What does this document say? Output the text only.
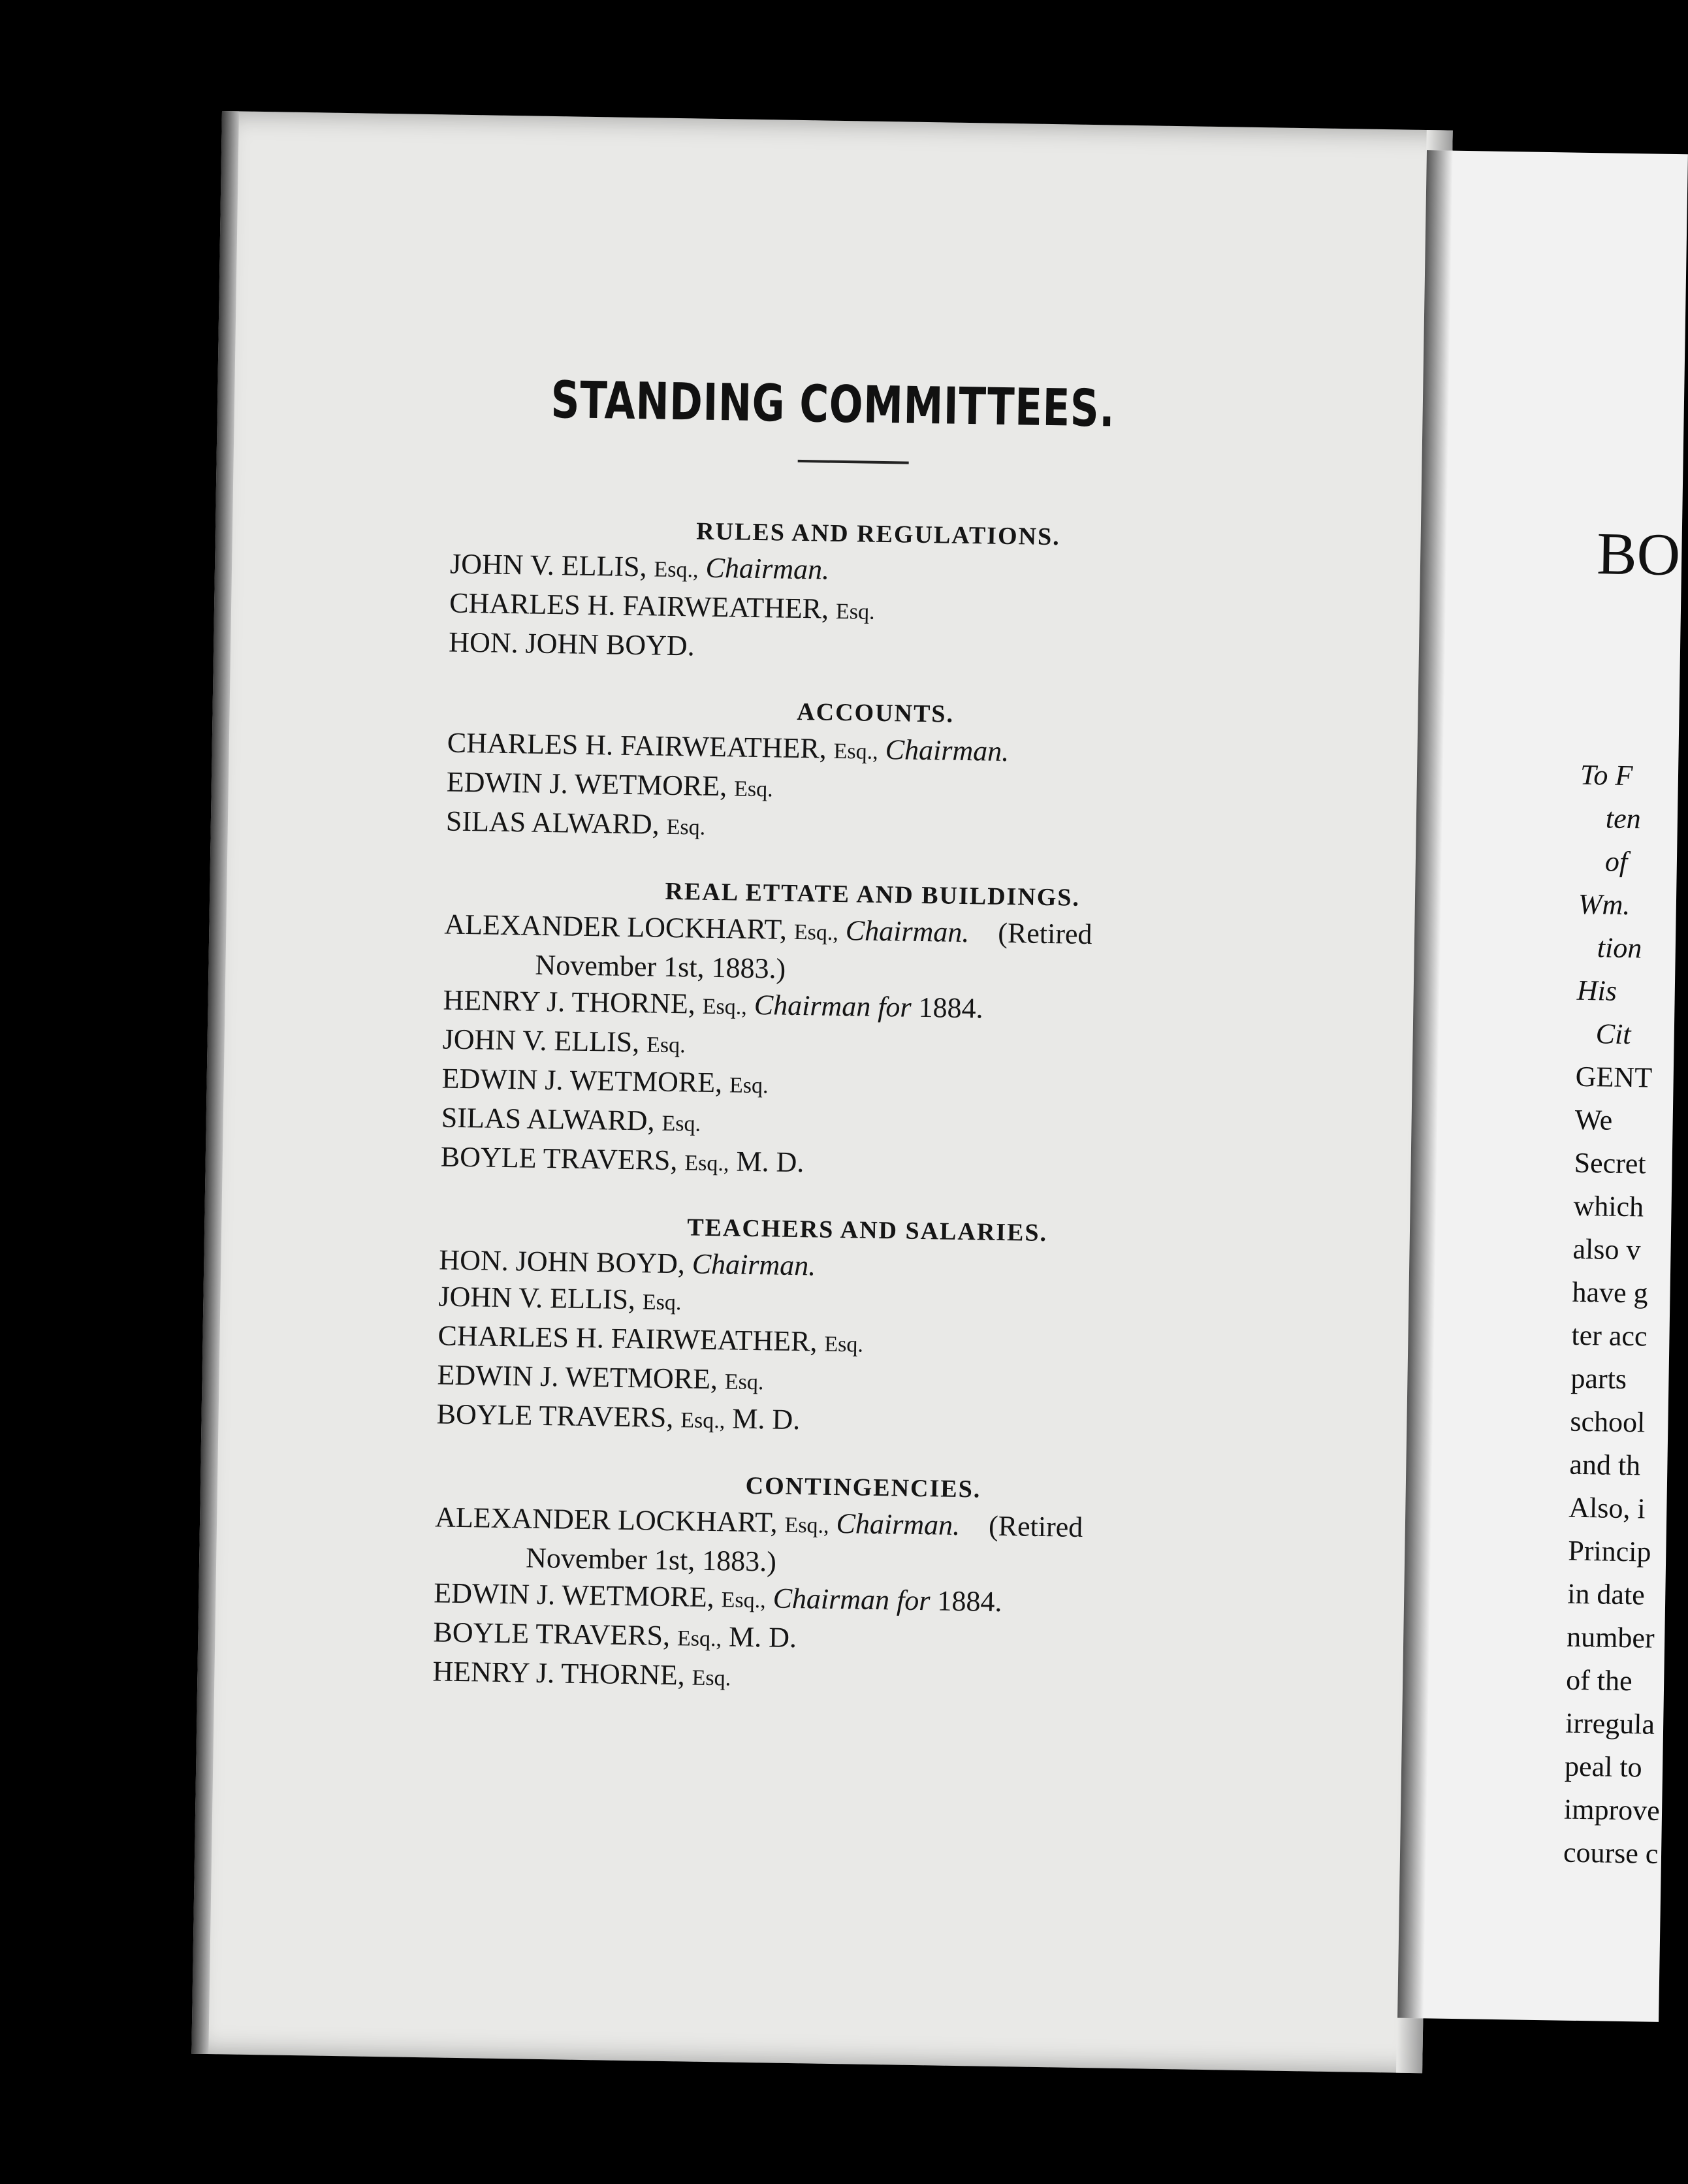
STANDING COMMITTEES.
RULES AND REGULATIONS.
JOHN V. ELLIS, Esq., Chairman.
CHARLES H. FAIRWEATHER, Esq.
HON. JOHN BOYD.
ACCOUNTS.
CHARLES H. FAIRWEATHER, Esq., Chairman.
EDWIN J. WETMORE, Esq.
SILAS ALWARD, Esq.
REAL ETTATE AND BUILDINGS.
ALEXANDER LOCKHART, Esq., Chairman.  (Retired
November 1st, 1883.)
HENRY J. THORNE, Esq., Chairman for 1884.
JOHN V. ELLIS, Esq.
EDWIN J. WETMORE, Esq.
SILAS ALWARD, Esq.
BOYLE TRAVERS, Esq., M. D.
TEACHERS AND SALARIES.
HON. JOHN BOYD, Chairman.
JOHN V. ELLIS, Esq.
CHARLES H. FAIRWEATHER, Esq.
EDWIN J. WETMORE, Esq.
BOYLE TRAVERS, Esq., M. D.
CONTINGENCIES.
ALEXANDER LOCKHART, Esq., Chairman.  (Retired
November 1st, 1883.)
EDWIN J. WETMORE, Esq., Chairman for 1884.
BOYLE TRAVERS, Esq., M. D.
HENRY J. THORNE, Esq.
BO
To F
ten
of
Wm.
tion
His
Cit
GENT
We
Secret
which
also v
have g
ter acc
parts
school
and th
Also, i
Princip
in date
number
of the
irregula
peal to
improve
course c
